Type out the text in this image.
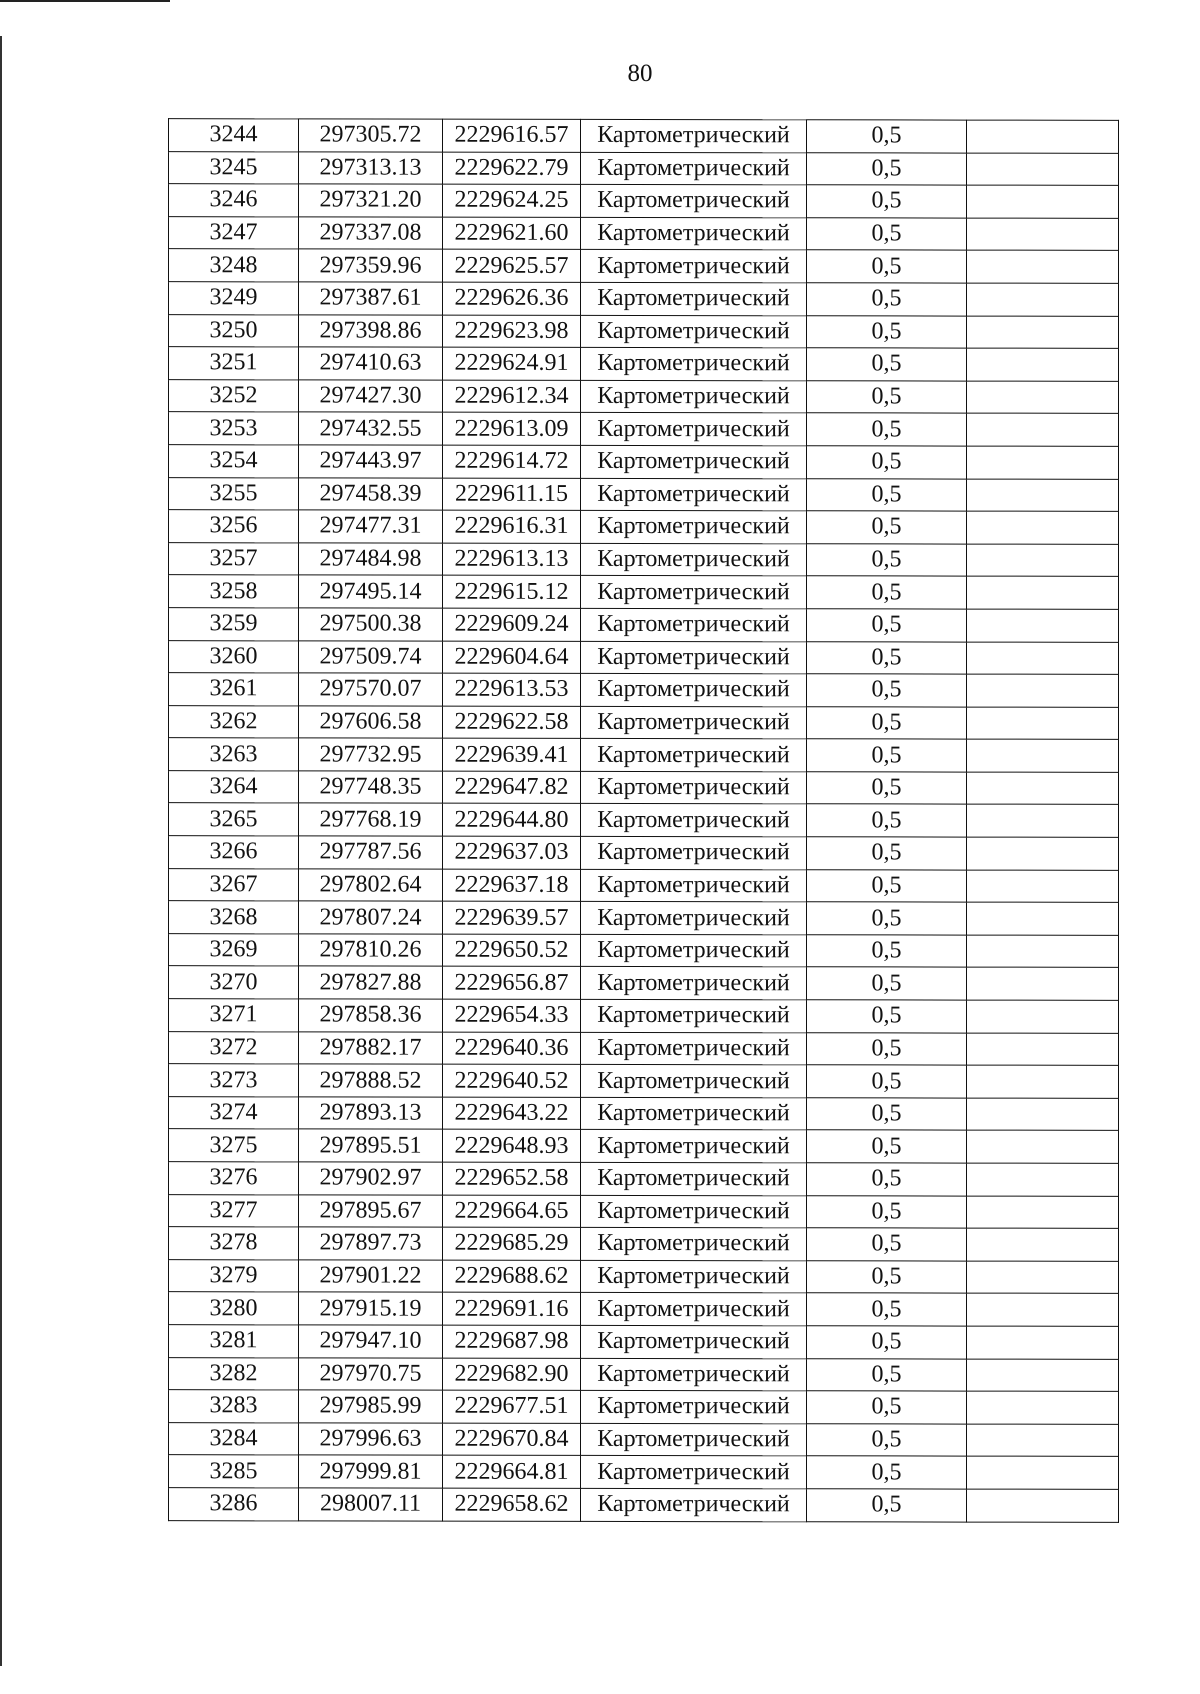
80
3244	297305.72	2229616.57	Картометрический	0,5	
3245	297313.13	2229622.79	Картометрический	0,5	
3246	297321.20	2229624.25	Картометрический	0,5	
3247	297337.08	2229621.60	Картометрический	0,5	
3248	297359.96	2229625.57	Картометрический	0,5	
3249	297387.61	2229626.36	Картометрический	0,5	
3250	297398.86	2229623.98	Картометрический	0,5	
3251	297410.63	2229624.91	Картометрический	0,5	
3252	297427.30	2229612.34	Картометрический	0,5	
3253	297432.55	2229613.09	Картометрический	0,5	
3254	297443.97	2229614.72	Картометрический	0,5	
3255	297458.39	2229611.15	Картометрический	0,5	
3256	297477.31	2229616.31	Картометрический	0,5	
3257	297484.98	2229613.13	Картометрический	0,5	
3258	297495.14	2229615.12	Картометрический	0,5	
3259	297500.38	2229609.24	Картометрический	0,5	
3260	297509.74	2229604.64	Картометрический	0,5	
3261	297570.07	2229613.53	Картометрический	0,5	
3262	297606.58	2229622.58	Картометрический	0,5	
3263	297732.95	2229639.41	Картометрический	0,5	
3264	297748.35	2229647.82	Картометрический	0,5	
3265	297768.19	2229644.80	Картометрический	0,5	
3266	297787.56	2229637.03	Картометрический	0,5	
3267	297802.64	2229637.18	Картометрический	0,5	
3268	297807.24	2229639.57	Картометрический	0,5	
3269	297810.26	2229650.52	Картометрический	0,5	
3270	297827.88	2229656.87	Картометрический	0,5	
3271	297858.36	2229654.33	Картометрический	0,5	
3272	297882.17	2229640.36	Картометрический	0,5	
3273	297888.52	2229640.52	Картометрический	0,5	
3274	297893.13	2229643.22	Картометрический	0,5	
3275	297895.51	2229648.93	Картометрический	0,5	
3276	297902.97	2229652.58	Картометрический	0,5	
3277	297895.67	2229664.65	Картометрический	0,5	
3278	297897.73	2229685.29	Картометрический	0,5	
3279	297901.22	2229688.62	Картометрический	0,5	
3280	297915.19	2229691.16	Картометрический	0,5	
3281	297947.10	2229687.98	Картометрический	0,5	
3282	297970.75	2229682.90	Картометрический	0,5	
3283	297985.99	2229677.51	Картометрический	0,5	
3284	297996.63	2229670.84	Картометрический	0,5	
3285	297999.81	2229664.81	Картометрический	0,5	
3286	298007.11	2229658.62	Картометрический	0,5	
